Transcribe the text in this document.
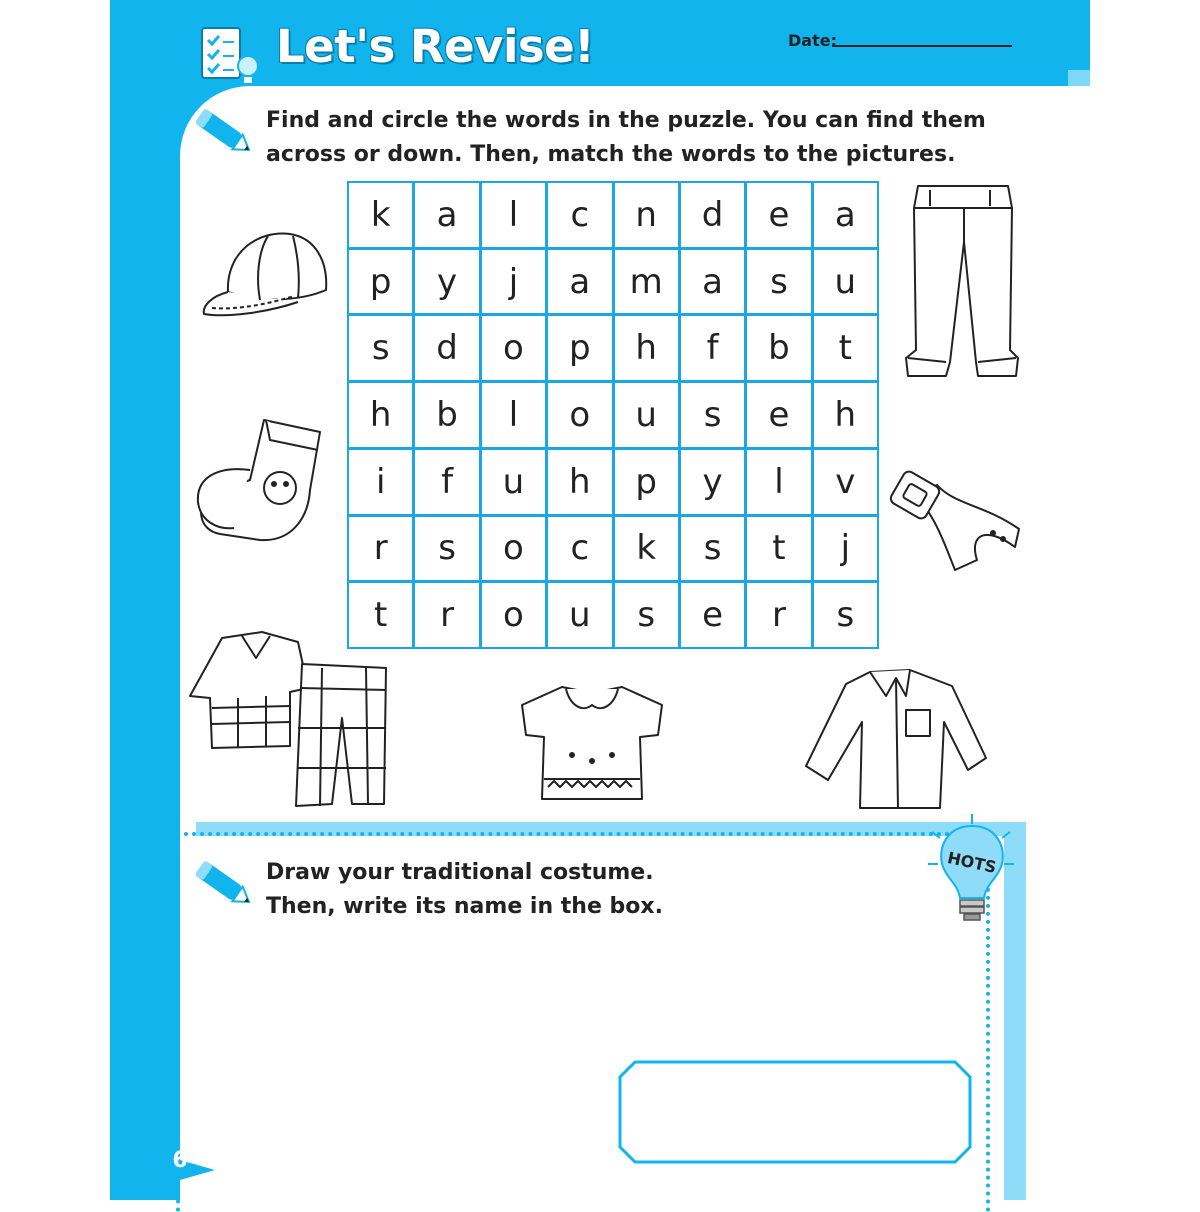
Let's Revise!	Date:
Find and circle the words in the puzzle. You can find them
across or down. Then, match the words to the pictures.
k	a	l	c	n	d	e	a
p	y	j	a	m	a	s	u
s	d	o	p	h	f	b	t
h	b	l	o	u	s	e	h
i	f	u	h	p	y	l	v
r	s	o	c	k	s	t	j
t	r	o	u	s	e	r	s
HOTS
Draw your traditional costume.
Then, write its name in the box.
6
